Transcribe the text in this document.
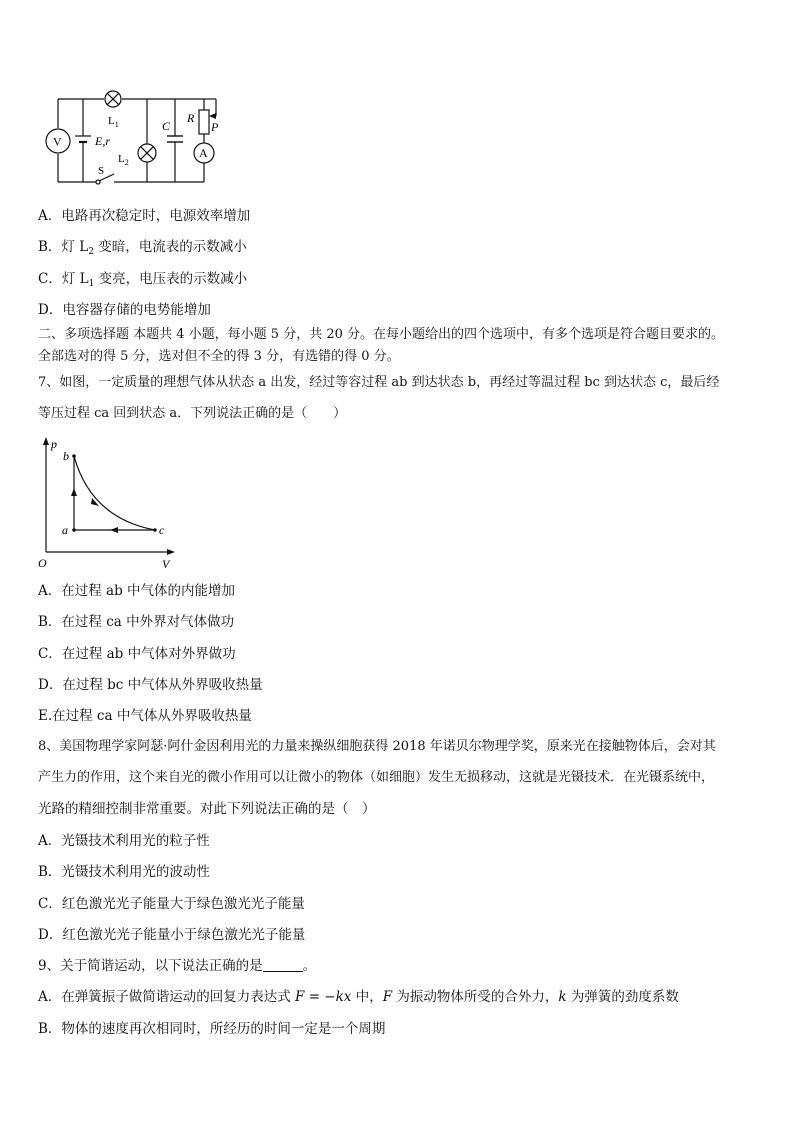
V
A
E,r
$L_1$
$L_2$
S
C
R
P
A．电路再次稳定时，电源效率增加
B．灯 $L_2$ 变暗，电流表的示数减小
C．灯 $L_1$ 变亮，电压表的示数减小
D．电容器存储的电势能增加
二、多项选择题 本题共 4 小题，每小题 5 分，共 20 分。在每小题给出的四个选项中，有多个选项是符合题目要求的。
全部选对的得 5 分，选对但不全的得 3 分，有选错的得 0 分。
7、如图，一定质量的理想气体从状态 a 出发，经过等容过程 ab 到达状态 b，再经过等温过程 bc 到达状态 c，最后经
等压过程 ca 回到状态 a．下列说法正确的是（　　）
p
V
O
a
b
c
A．在过程 ab 中气体的内能增加
B．在过程 ca 中外界对气体做功
C．在过程 ab 中气体对外界做功
D．在过程 bc 中气体从外界吸收热量
E.在过程 ca 中气体从外界吸收热量
8、美国物理学家阿瑟·阿什金因利用光的力量来操纵细胞获得 2018 年诺贝尔物理学奖，原来光在接触物体后，会对其
产生力的作用，这个来自光的微小作用可以让微小的物体（如细胞）发生无损移动，这就是光镊技术．在光镊系统中，
光路的精细控制非常重要。对此下列说法正确的是（　）
A．光镊技术利用光的粒子性
B．光镊技术利用光的波动性
C．红色激光光子能量大于绿色激光光子能量
D．红色激光光子能量小于绿色激光光子能量
9、关于简谐运动，以下说法正确的是	。
A．在弹簧振子做简谐运动的回复力表达式 F = −kx 中，F 为振动物体所受的合外力，k 为弹簧的劲度系数
B．物体的速度再次相同时，所经历的时间一定是一个周期
